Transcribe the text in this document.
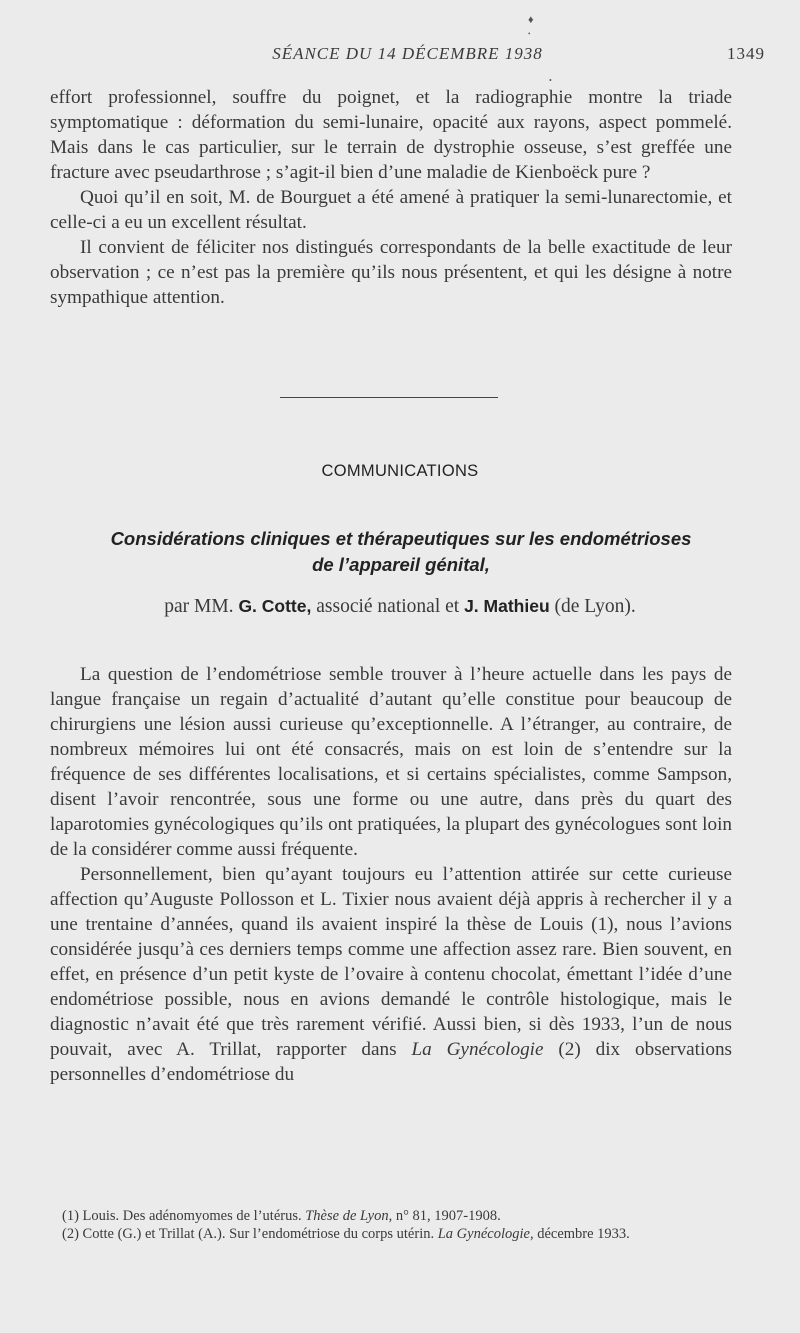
♦
•
•
SÉANCE DU 14 DÉCEMBRE 1938	1349

effort professionnel, souffre du poignet, et la radiographie montre la triade symptomatique : déformation du semi-lunaire, opacité aux rayons, aspect pommelé. Mais dans le cas particulier, sur le terrain de dystrophie osseuse, s’est greffée une fracture avec pseudarthrose ; s’agit-il bien d’une maladie de Kienboëck pure ?

Quoi qu’il en soit, M. de Bourguet a été amené à pratiquer la semi-lunarectomie, et celle-ci a eu un excellent résultat.

Il convient de féliciter nos distingués correspondants de la belle exactitude de leur observation ; ce n’est pas la première qu’ils nous présentent, et qui les désigne à notre sympathique attention.

COMMUNICATIONS
Considérations cliniques et thérapeutiques sur les endométrioses
de l’appareil génital,
par MM. G. Cotte, associé national et J. Mathieu (de Lyon).

La question de l’endométriose semble trouver à l’heure actuelle dans les pays de langue française un regain d’actualité d’autant qu’elle constitue pour beaucoup de chirurgiens une lésion aussi curieuse qu’exceptionnelle. A l’étranger, au contraire, de nombreux mémoires lui ont été consacrés, mais on est loin de s’entendre sur la fréquence de ses différentes localisations, et si certains spécialistes, comme Sampson, disent l’avoir rencontrée, sous une forme ou une autre, dans près du quart des laparotomies gynécologiques qu’ils ont pratiquées, la plupart des gynécologues sont loin de la considérer comme aussi fréquente.

Personnellement, bien qu’ayant toujours eu l’attention attirée sur cette curieuse affection qu’Auguste Pollosson et L. Tixier nous avaient déjà appris à rechercher il y a une trentaine d’années, quand ils avaient inspiré la thèse de Louis (1), nous l’avions considérée jusqu’à ces derniers temps comme une affection assez rare. Bien souvent, en effet, en présence d’un petit kyste de l’ovaire à contenu chocolat, émettant l’idée d’une endométriose possible, nous en avions demandé le contrôle histologique, mais le diagnostic n’avait été que très rarement vérifié. Aussi bien, si dès 1933, l’un de nous pouvait, avec A. Trillat, rapporter dans La Gynécologie (2) dix observations personnelles d’endométriose du

(1) Louis. Des adénomyomes de l’utérus. Thèse de Lyon, n° 81, 1907-1908.

(2) Cotte (G.) et Trillat (A.). Sur l’endométriose du corps utérin. La Gynécologie, décembre 1933.
